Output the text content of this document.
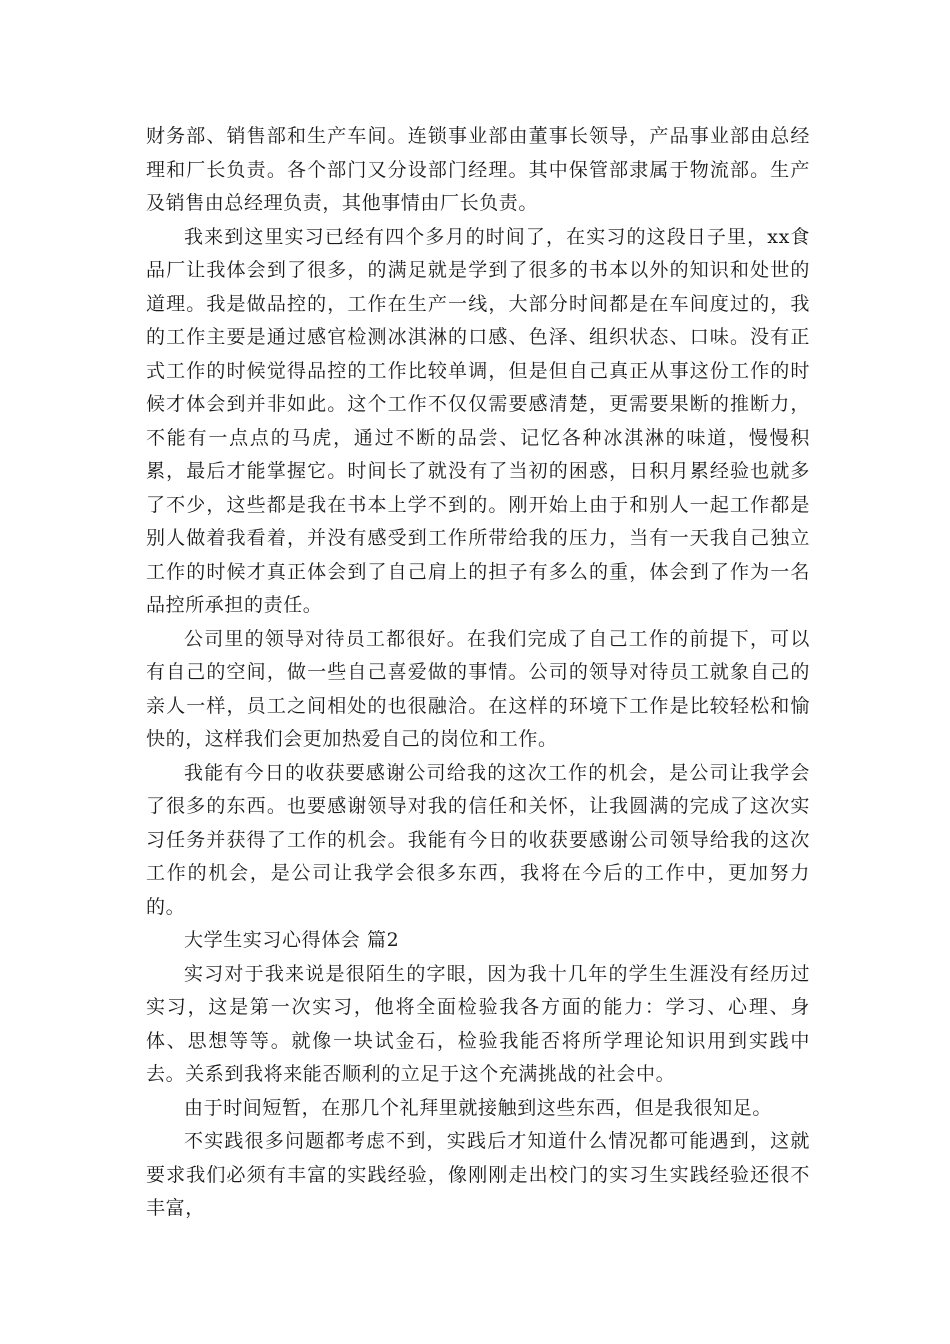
财务部、销售部和生产车间。连锁事业部由董事长领导，产品事业部由总经理和厂长负责。各个部门又分设部门经理。其中保管部隶属于物流部。生产及销售由总经理负责，其他事情由厂长负责。

我来到这里实习已经有四个多月的时间了，在实习的这段日子里，xx食品厂让我体会到了很多，的满足就是学到了很多的书本以外的知识和处世的道理。我是做品控的，工作在生产一线，大部分时间都是在车间度过的，我的工作主要是通过感官检测冰淇淋的口感、色泽、组织状态、口味。没有正式工作的时候觉得品控的工作比较单调，但是但自己真正从事这份工作的时候才体会到并非如此。这个工作不仅仅需要感清楚，更需要果断的推断力，不能有一点点的马虎，通过不断的品尝、记忆各种冰淇淋的味道，慢慢积累，最后才能掌握它。时间长了就没有了当初的困惑，日积月累经验也就多了不少，这些都是我在书本上学不到的。刚开始上由于和别人一起工作都是别人做着我看着，并没有感受到工作所带给我的压力，当有一天我自己独立工作的时候才真正体会到了自己肩上的担子有多么的重，体会到了作为一名品控所承担的责任。

公司里的领导对待员工都很好。在我们完成了自己工作的前提下，可以有自己的空间，做一些自己喜爱做的事情。公司的领导对待员工就象自己的亲人一样，员工之间相处的也很融洽。在这样的环境下工作是比较轻松和愉快的，这样我们会更加热爱自己的岗位和工作。

我能有今日的收获要感谢公司给我的这次工作的机会，是公司让我学会了很多的东西。也要感谢领导对我的信任和关怀，让我圆满的完成了这次实习任务并获得了工作的机会。我能有今日的收获要感谢公司领导给我的这次工作的机会，是公司让我学会很多东西，我将在今后的工作中，更加努力的。

大学生实习心得体会 篇2

实习对于我来说是很陌生的字眼，因为我十几年的学生生涯没有经历过实习，这是第一次实习，他将全面检验我各方面的能力：学习、心理、身体、思想等等。就像一块试金石，检验我能否将所学理论知识用到实践中去。关系到我将来能否顺利的立足于这个充满挑战的社会中。

由于时间短暂，在那几个礼拜里就接触到这些东西，但是我很知足。

不实践很多问题都考虑不到，实践后才知道什么情况都可能遇到，这就要求我们必须有丰富的实践经验，像刚刚走出校门的实习生实践经验还很不丰富，
